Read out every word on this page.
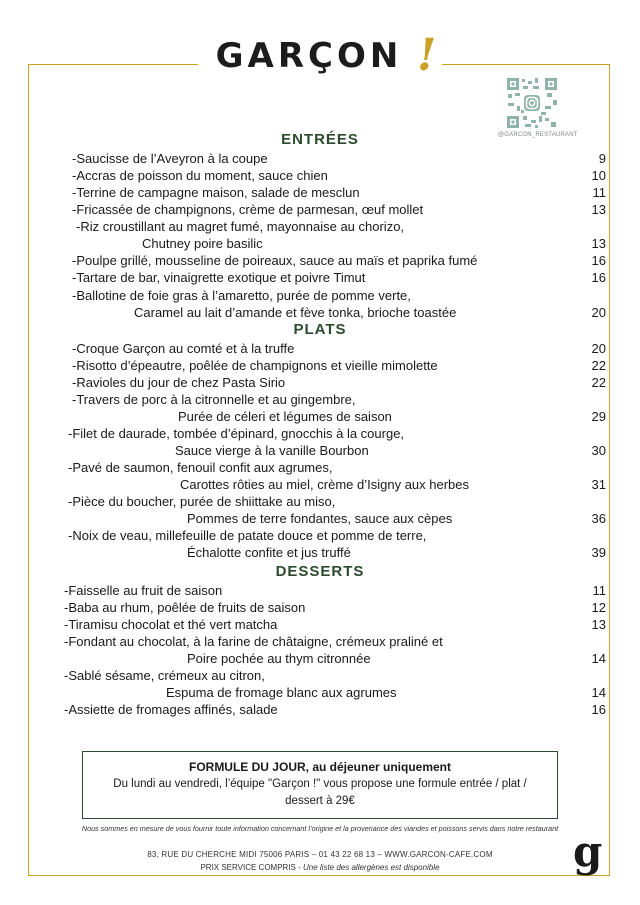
GARÇON !
@GARCON_RESTAURANT
ENTRÉES
-Saucisse de l’Aveyron à la coupe	9
-Accras de poisson du moment, sauce chien	10
-Terrine de campagne maison, salade de mesclun	11
-Fricassée de champignons, crème de parmesan, œuf mollet	13
-Riz croustillant au magret fumé, mayonnaise au chorizo,
Chutney poire basilic	13
-Poulpe grillé, mousseline de poireaux, sauce au maïs et paprika fumé	16
-Tartare de bar, vinaigrette exotique et poivre Timut	16
-Ballotine de foie gras à l’amaretto, purée de pomme verte,
Caramel au lait d’amande et fève tonka, brioche toastée	20
PLATS
-Croque Garçon au comté et à la truffe	20
-Risotto d’épeautre, poêlée de champignons et vieille mimolette	22
-Ravioles du jour de chez Pasta Sirio	22
-Travers de porc à la citronnelle et au gingembre,
Purée de céleri et légumes de saison	29
-Filet de daurade, tombée d’épinard, gnocchis à la courge,
Sauce vierge à la vanille Bourbon	30
-Pavé de saumon, fenouil confit aux agrumes,
Carottes rôties au miel, crème d’Isigny aux herbes	31
-Pièce du boucher, purée de shiittake au miso,
Pommes de terre fondantes, sauce aux cèpes	36
-Noix de veau, millefeuille de patate douce et pomme de terre,
Échalotte confite et jus truffé	39
DESSERTS
-Faisselle au fruit de saison	11
-Baba au rhum, poêlée de fruits de saison	12
-Tiramisu chocolat et thé vert matcha	13
-Fondant au chocolat, à la farine de châtaigne, crémeux praliné et
Poire pochée au thym citronnée	14
-Sablé sésame, crémeux au citron,
Espuma de fromage blanc aux agrumes	14
-Assiette de fromages affinés, salade	16
FORMULE DU JOUR, au déjeuner uniquement
Du lundi au vendredi, l’équipe "Garçon !" vous propose une formule entrée / plat /
dessert à 29€
Nous sommes en mesure de vous fournir toute information concernant l’origine et la provenance des viandes et poissons servis dans notre restaurant
83, RUE DU CHERCHE MIDI 75006 PARIS – 01 43 22 68 13 – WWW.GARCON-CAFE.COM
PRIX SERVICE COMPRIS - Une liste des allergènes est disponible	g
